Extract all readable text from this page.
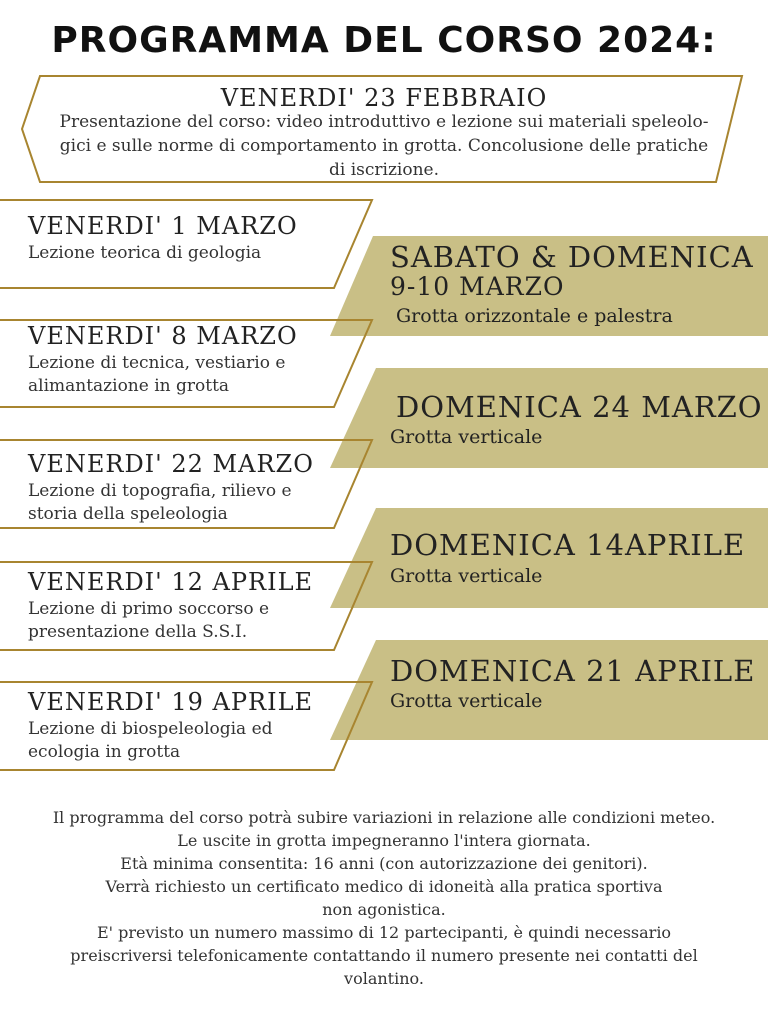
PROGRAMMA DEL CORSO 2024:
VENERDI' 23 FEBBRAIO
Presentazione del corso: video introduttivo e lezione sui materiali speleolo-
gici e sulle norme di comportamento in grotta. Concolusione delle pratiche
di iscrizione.
VENERDI' 1 MARZO
Lezione teorica di geologia
VENERDI' 8 MARZO
Lezione di tecnica, vestiario e
alimantazione in grotta
VENERDI' 22 MARZO
Lezione di topografia, rilievo e
storia della speleologia
VENERDI' 12 APRILE
Lezione di primo soccorso e
presentazione della S.S.I.
VENERDI' 19 APRILE
Lezione di biospeleologia ed
ecologia in grotta
SABATO & DOMENICA
9-10 MARZO
Grotta orizzontale e palestra
DOMENICA 24 MARZO
Grotta verticale
DOMENICA 14APRILE
Grotta verticale
DOMENICA 21 APRILE
Grotta verticale
Il programma del corso potrà subire variazioni in relazione alle condizioni meteo.
Le uscite in grotta impegneranno l'intera giornata.
Età minima consentita: 16 anni (con autorizzazione dei genitori).
Verrà richiesto un certificato medico di idoneità alla pratica sportiva
non agonistica.
E' previsto un numero massimo di 12 partecipanti, è quindi necessario
preiscriversi telefonicamente contattando il numero presente nei contatti del
volantino.
